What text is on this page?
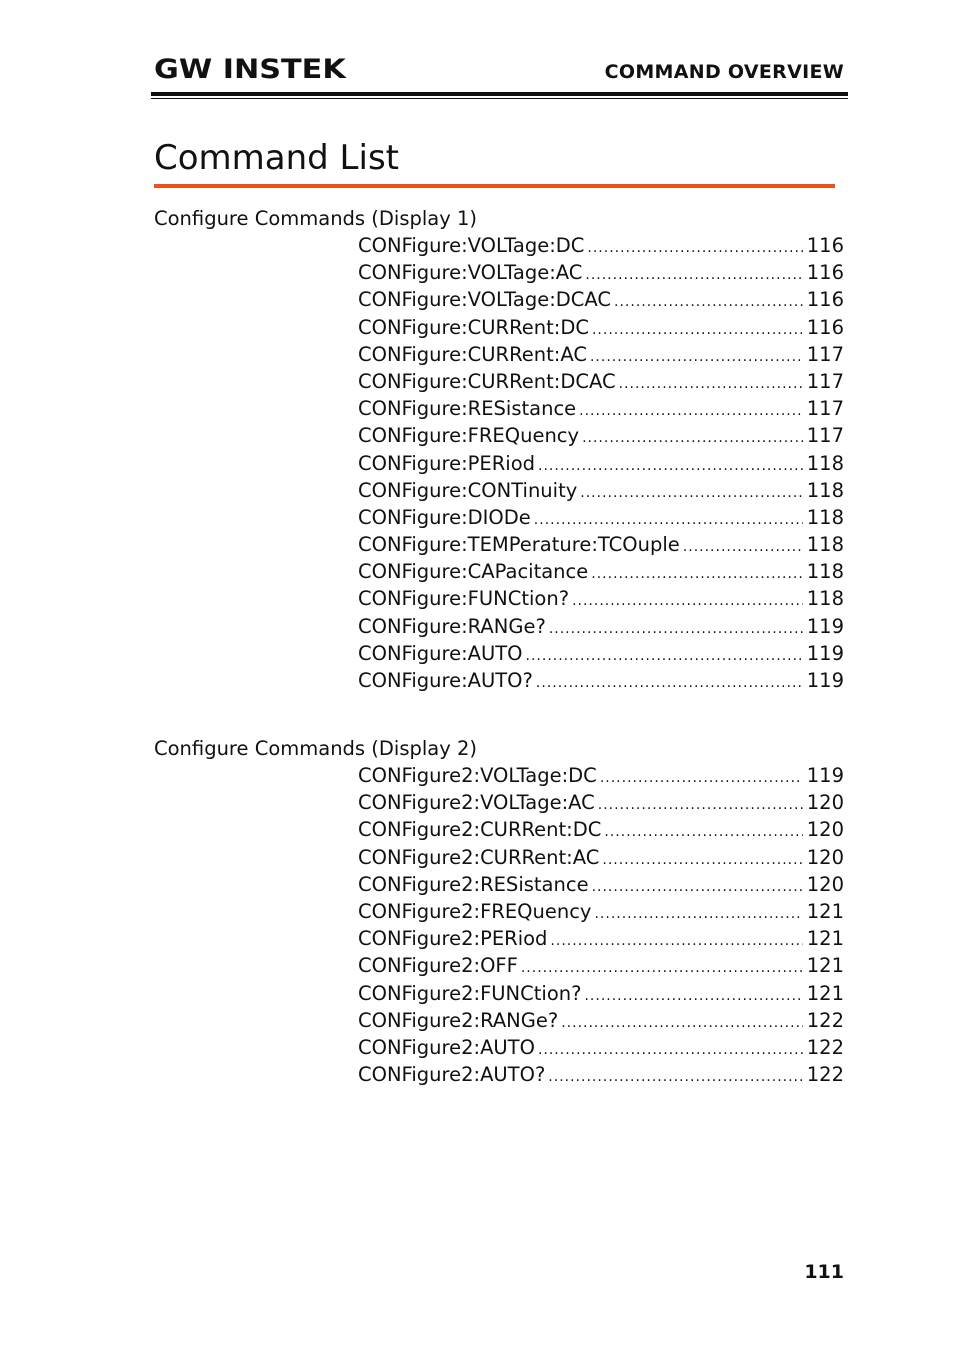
GW INSTEK	COMMAND OVERVIEW
Command List
Configure Commands (Display 1)
CONFigure:VOLTage:DC .....	116
CONFigure:VOLTage:AC .....	116
CONFigure:VOLTage:DCAC .....	116
CONFigure:CURRent:DC .....	116
CONFigure:CURRent:AC .....	117
CONFigure:CURRent:DCAC .....	117
CONFigure:RESistance .....	117
CONFigure:FREQuency .....	117
CONFigure:PERiod .....	118
CONFigure:CONTinuity .....	118
CONFigure:DIODe .....	118
CONFigure:TEMPerature:TCOuple .....	118
CONFigure:CAPacitance .....	118
CONFigure:FUNCtion? .....	118
CONFigure:RANGe? .....	119
CONFigure:AUTO .....	119
CONFigure:AUTO? .....	119
Configure Commands (Display 2)
CONFigure2:VOLTage:DC .....	119
CONFigure2:VOLTage:AC .....	120
CONFigure2:CURRent:DC .....	120
CONFigure2:CURRent:AC .....	120
CONFigure2:RESistance .....	120
CONFigure2:FREQuency .....	121
CONFigure2:PERiod .....	121
CONFigure2:OFF .....	121
CONFigure2:FUNCtion? .....	121
CONFigure2:RANGe? .....	122
CONFigure2:AUTO .....	122
CONFigure2:AUTO? .....	122
111
